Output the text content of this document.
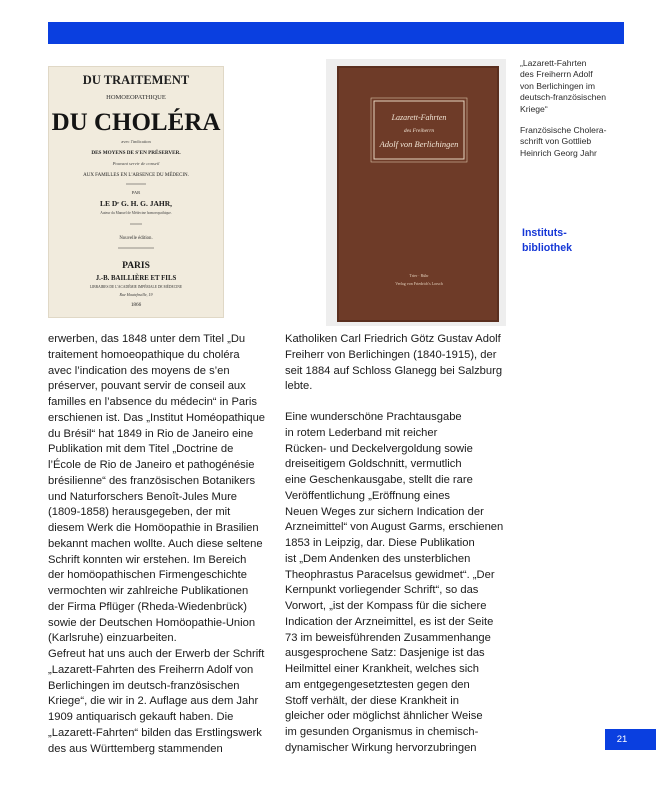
DU TRAITEMENT
HOMOEOPATHIQUE
DU CHOLÉRA
avec l'indication
DES MOYENS DE S'EN PRÉSERVER.
Pouvant servir de conseil
AUX FAMILLES EN L'ABSENCE DU MÉDECIN.
PAR
LE Dʳ G. H. G. JAHR,
Auteur du Manuel de Médecine homoeopathique.
Nouvelle édition.
PARIS
J.-B. BAILLIÈRE ET FILS
LIBRAIRES DE L'ACADÉMIE IMPÉRIALE DE MÉDECINE
Rue Hautefeuille, 19
1866
Lazarett-Fahrten
des Freiherrn
Adolf von Berlichingen
Trier · Rühr
Verlag von Friedrich's Lorsch
„Lazarett-Fahrten
des Freiherrn Adolf
von Berlichingen im
deutsch-französischen
Kriege“
Französische Cholera-
schrift von Gottlieb
Heinrich Georg Jahr
Instituts-
bibliothek
erwerben, das 1848 unter dem Titel „Du
traitement homoeopathique du choléra
avec l’indication des moyens de s’en
préserver, pouvant servir de conseil aux
familles en l’absence du médecin“ in Paris
erschienen ist. Das „Institut Homéopathique
du Brésil“ hat 1849 in Rio de Janeiro eine
Publikation mit dem Titel „Doctrine de
l’École de Rio de Janeiro et pathogénésie
brésilienne“ des französischen Botanikers
und Naturforschers Benoît-Jules Mure
(1809-1858) herausgegeben, der mit
diesem Werk die Homöopathie in Brasilien
bekannt machen wollte. Auch diese seltene
Schrift konnten wir erstehen. Im Bereich
der homöopathischen Firmengeschichte
vermochten wir zahlreiche Publikationen
der Firma Pflüger (Rheda-Wiedenbrück)
sowie der Deutschen Homöopathie-Union
(Karlsruhe) einzuarbeiten.
Gefreut hat uns auch der Erwerb der Schrift
„Lazarett-Fahrten des Freiherrn Adolf von
Berlichingen im deutsch-französischen
Kriege“, die wir in 2. Auflage aus dem Jahr
1909 antiquarisch gekauft haben. Die
„Lazarett-Fahrten“ bilden das Erstlingswerk
des aus Württemberg stammenden
Katholiken Carl Friedrich Götz Gustav Adolf
Freiherr von Berlichingen (1840-1915), der
seit 1884 auf Schloss Glanegg bei Salzburg
lebte.
Eine wunderschöne Prachtausgabe
in rotem Lederband mit reicher
Rücken- und Deckelvergoldung sowie
dreiseitigem Goldschnitt, vermutlich
eine Geschenkausgabe, stellt die rare
Veröffentlichung „Eröffnung eines
Neuen Weges zur sichern Indication der
Arzneimittel“ von August Garms, erschienen
1853 in Leipzig, dar. Diese Publikation
ist „Dem Andenken des unsterblichen
Theophrastus Paracelsus gewidmet“. „Der
Kernpunkt vorliegender Schrift“, so das
Vorwort, „ist der Kompass für die sichere
Indication der Arzneimittel, es ist der Seite
73 im beweisführenden Zusammenhange
ausgesprochene Satz: Dasjenige ist das
Heilmittel einer Krankheit, welches sich
am entgegengesetztesten gegen den
Stoff verhält, der diese Krankheit in
gleicher oder möglichst ähnlicher Weise
im gesunden Organismus in chemisch-
dynamischer Wirkung hervorzubringen
21
